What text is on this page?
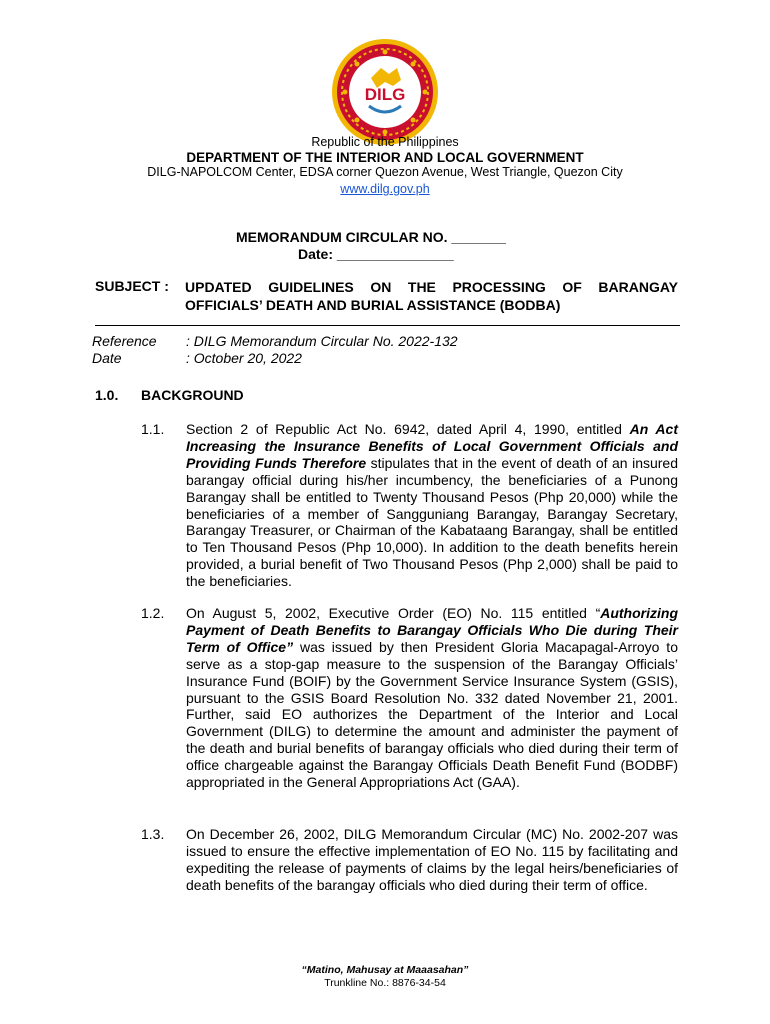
DILG
Republic of the Philippines
DEPARTMENT OF THE INTERIOR AND LOCAL GOVERNMENT
DILG-NAPOLCOM Center, EDSA corner Quezon Avenue, West Triangle, Quezon City
www.dilg.gov.ph
MEMORANDUM CIRCULAR NO. _______
Date: _______________
SUBJECT : UPDATED GUIDELINES ON THE PROCESSING OF BARANGAY OFFICIALS’ DEATH AND BURIAL ASSISTANCE (BODBA)
Reference : DILG Memorandum Circular No. 2022-132
Date	: October 20, 2022
1.0. BACKGROUND
1.1. Section 2 of Republic Act No. 6942, dated April 4, 1990, entitled An Act Increasing the Insurance Benefits of Local Government Officials and Providing Funds Therefore stipulates that in the event of death of an insured barangay official during his/her incumbency, the beneficiaries of a Punong Barangay shall be entitled to Twenty Thousand Pesos (Php 20,000) while the beneficiaries of a member of Sangguniang Barangay, Barangay Secretary, Barangay Treasurer, or Chairman of the Kabataang Barangay, shall be entitled to Ten Thousand Pesos (Php 10,000). In addition to the death benefits herein provided, a burial benefit of Two Thousand Pesos (Php 2,000) shall be paid to the beneficiaries.
1.2. On August 5, 2002, Executive Order (EO) No. 115 entitled “Authorizing Payment of Death Benefits to Barangay Officials Who Die during Their Term of Office” was issued by then President Gloria Macapagal-Arroyo to serve as a stop-gap measure to the suspension of the Barangay Officials’ Insurance Fund (BOIF) by the Government Service Insurance System (GSIS), pursuant to the GSIS Board Resolution No. 332 dated November 21, 2001. Further, said EO authorizes the Department of the Interior and Local Government (DILG) to determine the amount and administer the payment of the death and burial benefits of barangay officials who died during their term of office chargeable against the Barangay Officials Death Benefit Fund (BODBF) appropriated in the General Appropriations Act (GAA).
1.3. On December 26, 2002, DILG Memorandum Circular (MC) No. 2002-207 was issued to ensure the effective implementation of EO No. 115 by facilitating and expediting the release of payments of claims by the legal heirs/beneficiaries of death benefits of the barangay officials who died during their term of office.
“Matino, Mahusay at Maaasahan”
Trunkline No.: 8876-34-54
